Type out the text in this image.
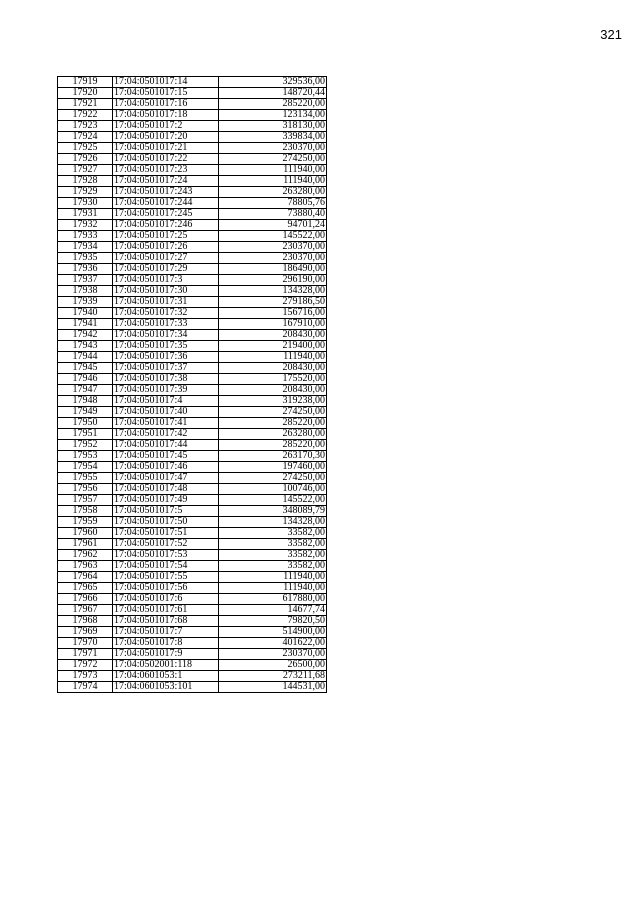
321
17919	17:04:0501017:14	329536,00
17920	17:04:0501017:15	148720,44
17921	17:04:0501017:16	285220,00
17922	17:04:0501017:18	123134,00
17923	17:04:0501017:2	318130,00
17924	17:04:0501017:20	339834,00
17925	17:04:0501017:21	230370,00
17926	17:04:0501017:22	274250,00
17927	17:04:0501017:23	111940,00
17928	17:04:0501017:24	111940,00
17929	17:04:0501017:243	263280,00
17930	17:04:0501017:244	78805,76
17931	17:04:0501017:245	73880,40
17932	17:04:0501017:246	94701,24
17933	17:04:0501017:25	145522,00
17934	17:04:0501017:26	230370,00
17935	17:04:0501017:27	230370,00
17936	17:04:0501017:29	186490,00
17937	17:04:0501017:3	296190,00
17938	17:04:0501017:30	134328,00
17939	17:04:0501017:31	279186,50
17940	17:04:0501017:32	156716,00
17941	17:04:0501017:33	167910,00
17942	17:04:0501017:34	208430,00
17943	17:04:0501017:35	219400,00
17944	17:04:0501017:36	111940,00
17945	17:04:0501017:37	208430,00
17946	17:04:0501017:38	175520,00
17947	17:04:0501017:39	208430,00
17948	17:04:0501017:4	319238,00
17949	17:04:0501017:40	274250,00
17950	17:04:0501017:41	285220,00
17951	17:04:0501017:42	263280,00
17952	17:04:0501017:44	285220,00
17953	17:04:0501017:45	263170,30
17954	17:04:0501017:46	197460,00
17955	17:04:0501017:47	274250,00
17956	17:04:0501017:48	100746,00
17957	17:04:0501017:49	145522,00
17958	17:04:0501017:5	348089,79
17959	17:04:0501017:50	134328,00
17960	17:04:0501017:51	33582,00
17961	17:04:0501017:52	33582,00
17962	17:04:0501017:53	33582,00
17963	17:04:0501017:54	33582,00
17964	17:04:0501017:55	111940,00
17965	17:04:0501017:56	111940,00
17966	17:04:0501017:6	617880,00
17967	17:04:0501017:61	14677,74
17968	17:04:0501017:68	79820,50
17969	17:04:0501017:7	514900,00
17970	17:04:0501017:8	401622,00
17971	17:04:0501017:9	230370,00
17972	17:04:0502001:118	26500,00
17973	17:04:0601053:1	273211,68
17974	17:04:0601053:101	144531,00
